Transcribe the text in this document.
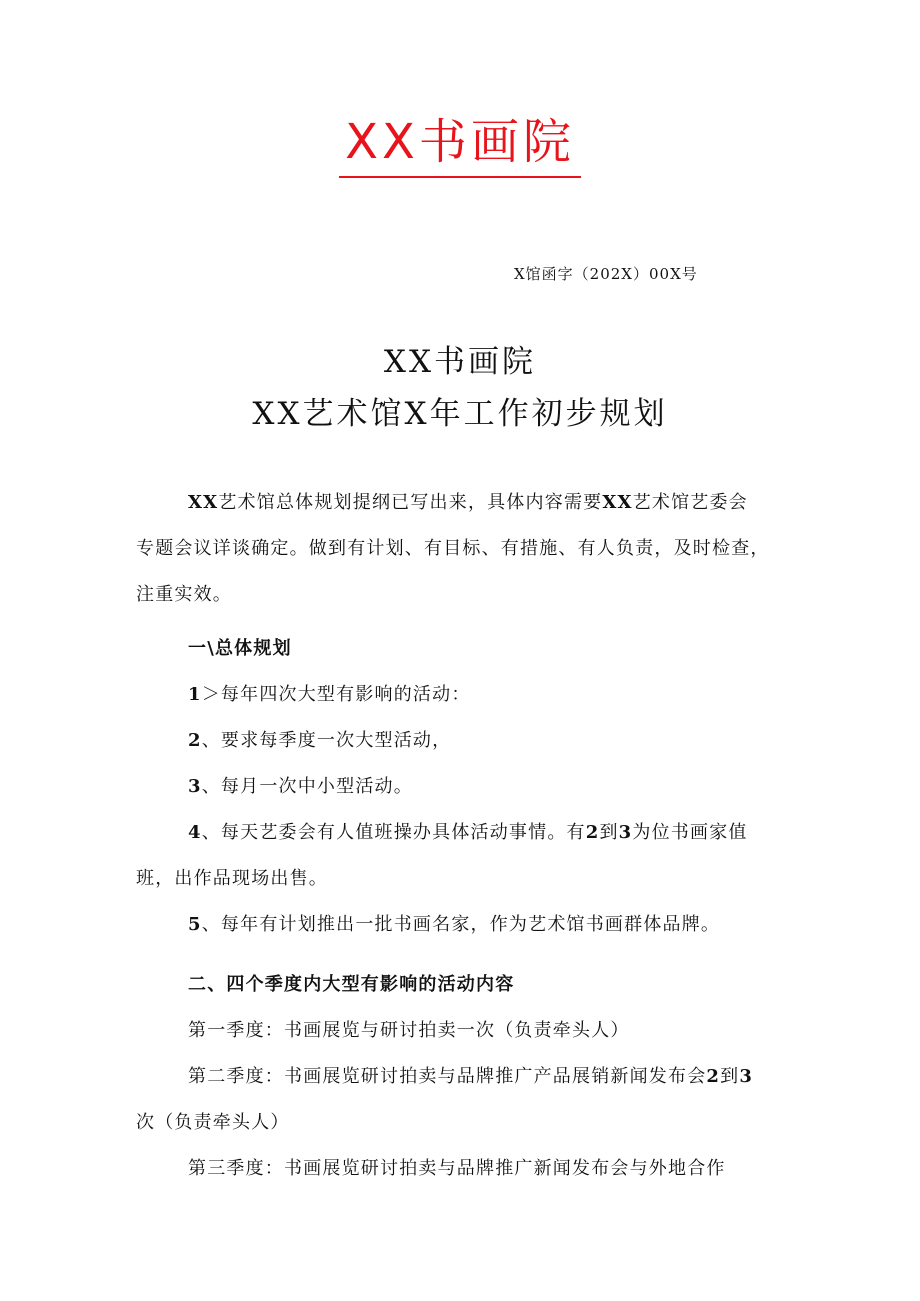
XX书画院
X馆函字（202X）00X号
XX书画院
XX艺术馆X年工作初步规划
XX艺术馆总体规划提纲已写出来，具体内容需要XX艺术馆艺委会
专题会议详谈确定。做到有计划、有目标、有措施、有人负责，及时检查，
注重实效。
一\总体规划
1＞每年四次大型有影响的活动：
2、要求每季度一次大型活动，
3、每月一次中小型活动。
4、每天艺委会有人值班操办具体活动事情。有2到3为位书画家值
班，出作品现场出售。
5、每年有计划推出一批书画名家，作为艺术馆书画群体品牌。
二、四个季度内大型有影响的活动内容
第一季度：书画展览与研讨拍卖一次（负责牵头人）
第二季度：书画展览研讨拍卖与品牌推广产品展销新闻发布会2到3
次（负责牵头人）
第三季度：书画展览研讨拍卖与品牌推广新闻发布会与外地合作
